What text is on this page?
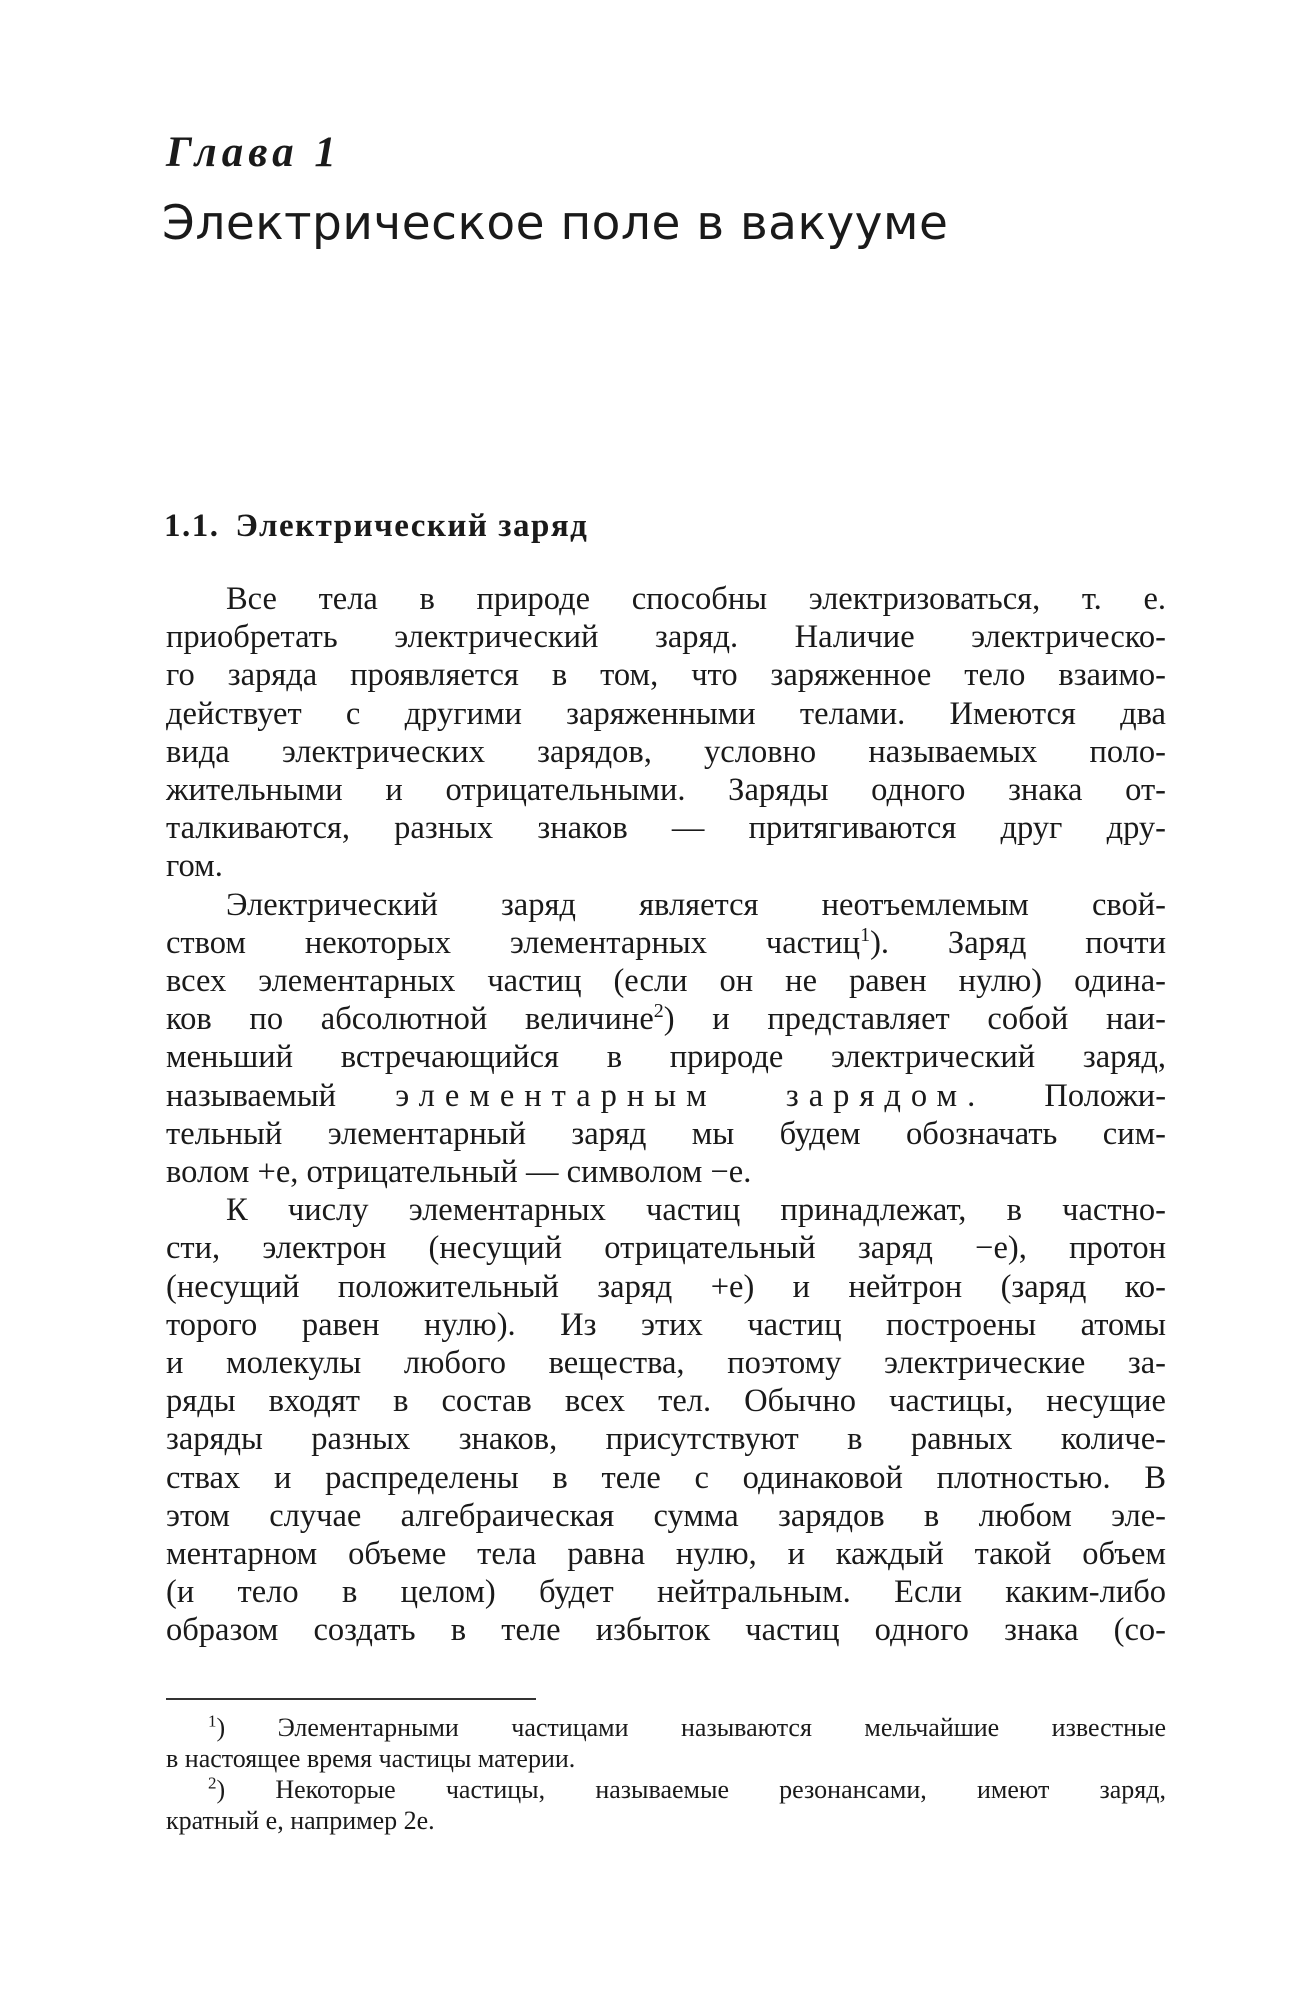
Глава 1
Электрическое поле в вакууме
1.1. Электрический заряд
Все тела в природе способны электризоваться, т. е.
приобретать электрический заряд. Наличие электрическо-
го заряда проявляется в том, что заряженное тело взаимо-
действует с другими заряженными телами. Имеются два
вида электрических зарядов, условно называемых поло-
жительными и отрицательными. Заряды одного знака от-
талкиваются, разных знаков — притягиваются друг дру-
гом.
Электрический заряд является неотъемлемым свой-
ством некоторых элементарных частиц$^1$). Заряд почти
всех элементарных частиц (если он не равен нулю) одина-
ков по абсолютной величине$^2$) и представляет собой наи-
меньший встречающийся в природе электрический заряд,
называемый элементарным зарядом. Положи-
тельный элементарный заряд мы будем обозначать сим-
волом +e, отрицательный — символом −e.
К числу элементарных частиц принадлежат, в частно-
сти, электрон (несущий отрицательный заряд −e), протон
(несущий положительный заряд +e) и нейтрон (заряд ко-
торого равен нулю). Из этих частиц построены атомы
и молекулы любого вещества, поэтому электрические за-
ряды входят в состав всех тел. Обычно частицы, несущие
заряды разных знаков, присутствуют в равных количе-
ствах и распределены в теле с одинаковой плотностью. В
этом случае алгебраическая сумма зарядов в любом эле-
ментарном объеме тела равна нулю, и каждый такой объем
(и тело в целом) будет нейтральным. Если каким-либо
образом создать в теле избыток частиц одного знака (со-
$^1$) Элементарными частицами называются мельчайшие известные
в настоящее время частицы материи.
$^2$) Некоторые частицы, называемые резонансами, имеют заряд,
кратный e, например 2e.
